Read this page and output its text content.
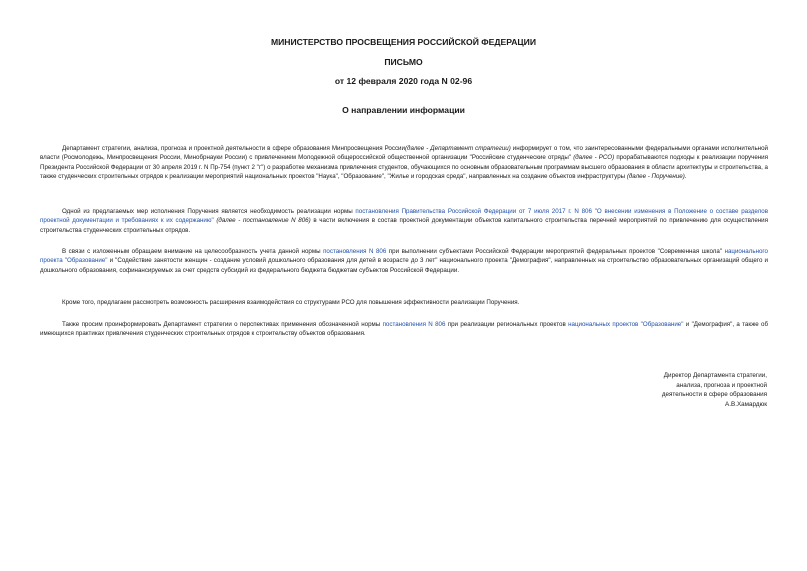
МИНИСТЕРСТВО ПРОСВЕЩЕНИЯ РОССИЙСКОЙ ФЕДЕРАЦИИ
ПИСЬМО
от 12 февраля 2020 года N 02-96
О направлении информации

Департамент стратегии, анализа, прогноза и проектной деятельности в сфере образования Минпросвещения России(далее - Департамент стратегии) информирует о том, что заинтересованными федеральными органами исполнительной власти (Росмолодежь, Минпросвещения России, Минобрнауки России) с привлечением Молодежной общероссийской общественной организации "Российские студенческие отряды" (далее - РСО) прорабатываются подходы к реализации поручения Президента Российской Федерации от 30 апреля 2019 г. N Пр-754 (пункт 2 "г") о разработке механизма привлечения студентов, обучающихся по основным образовательным программам высшего образования в области архитектуры и строительства, а также студенческих строительных отрядов к реализации мероприятий национальных проектов "Наука", "Образование", "Жилье и городская среда", направленных на создание объектов инфраструктуры (далее - Поручение).

Одной из предлагаемых мер исполнения Поручения является необходимость реализации нормы постановления Правительства Российской Федерации от 7 июля 2017 г. N 806 "О внесении изменения в Положение о составе разделов проектной документации и требованиях к их содержанию" (далее - постановление N 806) в части включения в состав проектной документации объектов капитального строительства перечней мероприятий по привлечению для осуществления строительства студенческих строительных отрядов.

В связи с изложенным обращаем внимание на целесообразность учета данной нормы постановления N 806 при выполнении субъектами Российской Федерации мероприятий федеральных проектов "Современная школа" национального проекта "Образование" и "Содействие занятости женщин - создание условий дошкольного образования для детей в возрасте до 3 лет" национального проекта "Демография", направленных на строительство образовательных организаций общего и дошкольного образования, софинансируемых за счет средств субсидий из федерального бюджета бюджетам субъектов Российской Федерации.

Кроме того, предлагаем рассмотреть возможность расширения взаимодействия со структурами РСО для повышения эффективности реализации Поручения.

Также просим проинформировать Департамент стратегии о перспективах применения обозначенной нормы постановления N 806 при реализации региональных проектов национальных проектов "Образование" и "Демография", а также об имеющихся практиках привлечения студенческих строительных отрядов к строительству объектов образования.

Директор Департамента стратегии,
анализа, прогноза и проектной
деятельности в сфере образования
А.В.Хамардюк
